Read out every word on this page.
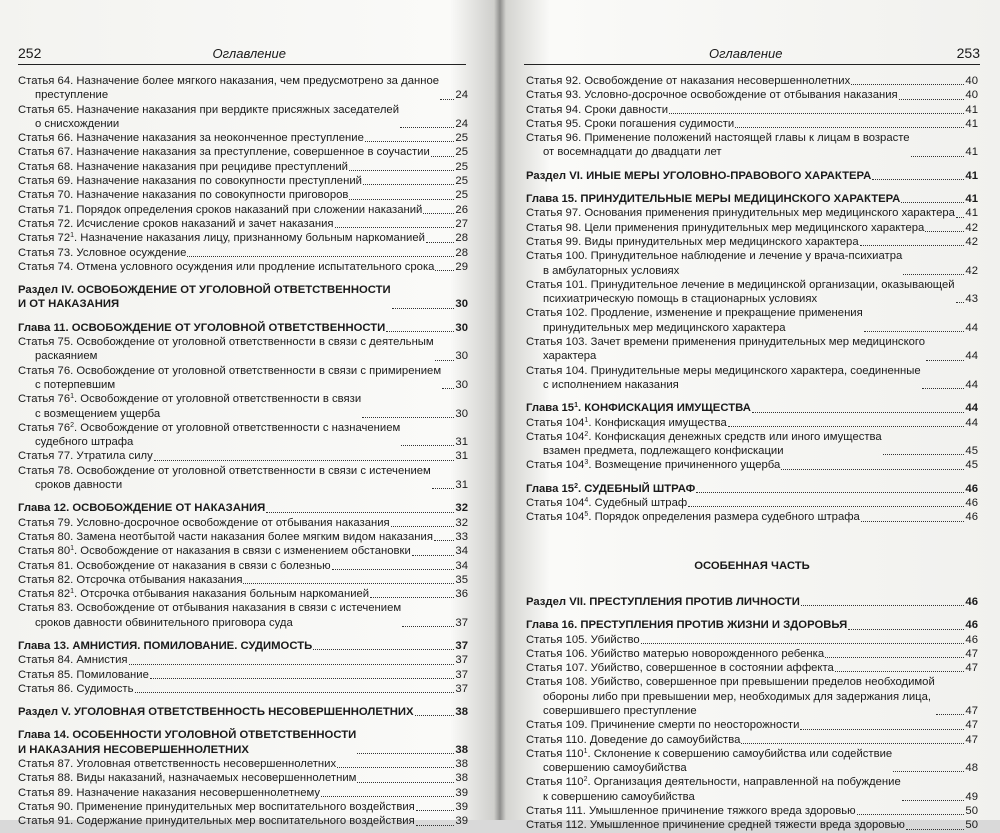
252	Оглавление
Статья 64. Назначение более мягкого наказания, чем предусмотрено за данное
преступление	24
Статья 65. Назначение наказания при вердикте присяжных заседателей
о снисхождении	24
Статья 66. Назначение наказания за неоконченное преступление	25
Статья 67. Назначение наказания за преступление, совершенное в соучастии 25
Статья 68. Назначение наказания при рецидиве преступлений	25
Статья 69. Назначение наказания по совокупности преступлений	25
Статья 70. Назначение наказания по совокупности приговоров	25
Статья 71. Порядок определения сроков наказаний при сложении наказаний	26
Статья 72. Исчисление сроков наказаний и зачет наказания	27
Статья $72^1$. Назначение наказания лицу, признанному больным наркоманией	28
Статья 73. Условное осуждение	28
Статья 74. Отмена условного осуждения или продление испытательного срока 29
Раздел IV. ОСВОБОЖДЕНИЕ ОТ УГОЛОВНОЙ ОТВЕТСТВЕННОСТИ
И ОТ НАКАЗАНИЯ	30
Глава 11. ОСВОБОЖДЕНИЕ ОТ УГОЛОВНОЙ ОТВЕТСТВЕННОСТИ	30
Статья 75. Освобождение от уголовной ответственности в связи с деятельным
раскаянием	30
Статья 76. Освобождение от уголовной ответственности в связи с примирением
с потерпевшим	30
Статья $76^1$. Освобождение от уголовной ответственности в связи
с возмещением ущерба	30
Статья $76^2$. Освобождение от уголовной ответственности с назначением
судебного штрафа	31
Статья 77. Утратила силу	31
Статья 78. Освобождение от уголовной ответственности в связи с истечением
сроков давности	31
Глава 12. ОСВОБОЖДЕНИЕ ОТ НАКАЗАНИЯ	32
Статья 79. Условно-досрочное освобождение от отбывания наказания	32
Статья 80. Замена неотбытой части наказания более мягким видом наказания 33
Статья $80^1$. Освобождение от наказания в связи с изменением обстановки	34
Статья 81. Освобождение от наказания в связи с болезнью	34
Статья 82. Отсрочка отбывания наказания	35
Статья $82^1$. Отсрочка отбывания наказания больным наркоманией	36
Статья 83. Освобождение от отбывания наказания в связи с истечением
сроков давности обвинительного приговора суда	37
Глава 13. АМНИСТИЯ. ПОМИЛОВАНИЕ. СУДИМОСТЬ	37
Статья 84. Амнистия	37
Статья 85. Помилование	37
Статья 86. Судимость	37
Раздел V. УГОЛОВНАЯ ОТВЕТСТВЕННОСТЬ НЕСОВЕРШЕННОЛЕТНИХ	38
Глава 14. ОСОБЕННОСТИ УГОЛОВНОЙ ОТВЕТСТВЕННОСТИ
И НАКАЗАНИЯ НЕСОВЕРШЕННОЛЕТНИХ	38
Статья 87. Уголовная ответственность несовершеннолетних	38
Статья 88. Виды наказаний, назначаемых несовершеннолетним	38
Статья 89. Назначение наказания несовершеннолетнему	39
Статья 90. Применение принудительных мер воспитательного воздействия	39
Статья 91. Содержание принудительных мер воспитательного воздействия	39
Оглавление	253
Статья 92. Освобождение от наказания несовершеннолетних	40
Статья 93. Условно-досрочное освобождение от отбывания наказания	40
Статья 94. Сроки давности	41
Статья 95. Сроки погашения судимости	41
Статья 96. Применение положений настоящей главы к лицам в возрасте
от восемнадцати до двадцати лет	41
Раздел VI. ИНЫЕ МЕРЫ УГОЛОВНО-ПРАВОВОГО ХАРАКТЕРА	41
Глава 15. ПРИНУДИТЕЛЬНЫЕ МЕРЫ МЕДИЦИНСКОГО ХАРАКТЕРА	41
Статья 97. Основания применения принудительных мер медицинского характера 41
Статья 98. Цели применения принудительных мер медицинского характера	42
Статья 99. Виды принудительных мер медицинского характера	42
Статья 100. Принудительное наблюдение и лечение у врача-психиатра
в амбулаторных условиях	42
Статья 101. Принудительное лечение в медицинской организации, оказывающей
психиатрическую помощь в стационарных условиях	43
Статья 102. Продление, изменение и прекращение применения
принудительных мер медицинского характера	44
Статья 103. Зачет времени применения принудительных мер медицинского
характера	44
Статья 104. Принудительные меры медицинского характера, соединенные
с исполнением наказания	44
Глава $15^1$. КОНФИСКАЦИЯ ИМУЩЕСТВА	44
Статья $104^1$. Конфискация имущества	44
Статья $104^2$. Конфискация денежных средств или иного имущества
взамен предмета, подлежащего конфискации	45
Статья $104^3$. Возмещение причиненного ущерба	45
Глава $15^2$. СУДЕБНЫЙ ШТРАФ	46
Статья $104^4$. Судебный штраф	46
Статья $104^5$. Порядок определения размера судебного штрафа	46
ОСОБЕННАЯ ЧАСТЬ
Раздел VII. ПРЕСТУПЛЕНИЯ ПРОТИВ ЛИЧНОСТИ	46
Глава 16. ПРЕСТУПЛЕНИЯ ПРОТИВ ЖИЗНИ И ЗДОРОВЬЯ	46
Статья 105. Убийство	46
Статья 106. Убийство матерью новорожденного ребенка	47
Статья 107. Убийство, совершенное в состоянии аффекта	47
Статья 108. Убийство, совершенное при превышении пределов необходимой
обороны либо при превышении мер, необходимых для задержания лица,
совершившего преступление	47
Статья 109. Причинение смерти по неосторожности	47
Статья 110. Доведение до самоубийства	47
Статья $110^1$. Склонение к совершению самоубийства или содействие
совершению самоубийства	48
Статья $110^2$. Организация деятельности, направленной на побуждение
к совершению самоубийства	49
Статья 111. Умышленное причинение тяжкого вреда здоровью	50
Статья 112. Умышленное причинение средней тяжести вреда здоровью	50
